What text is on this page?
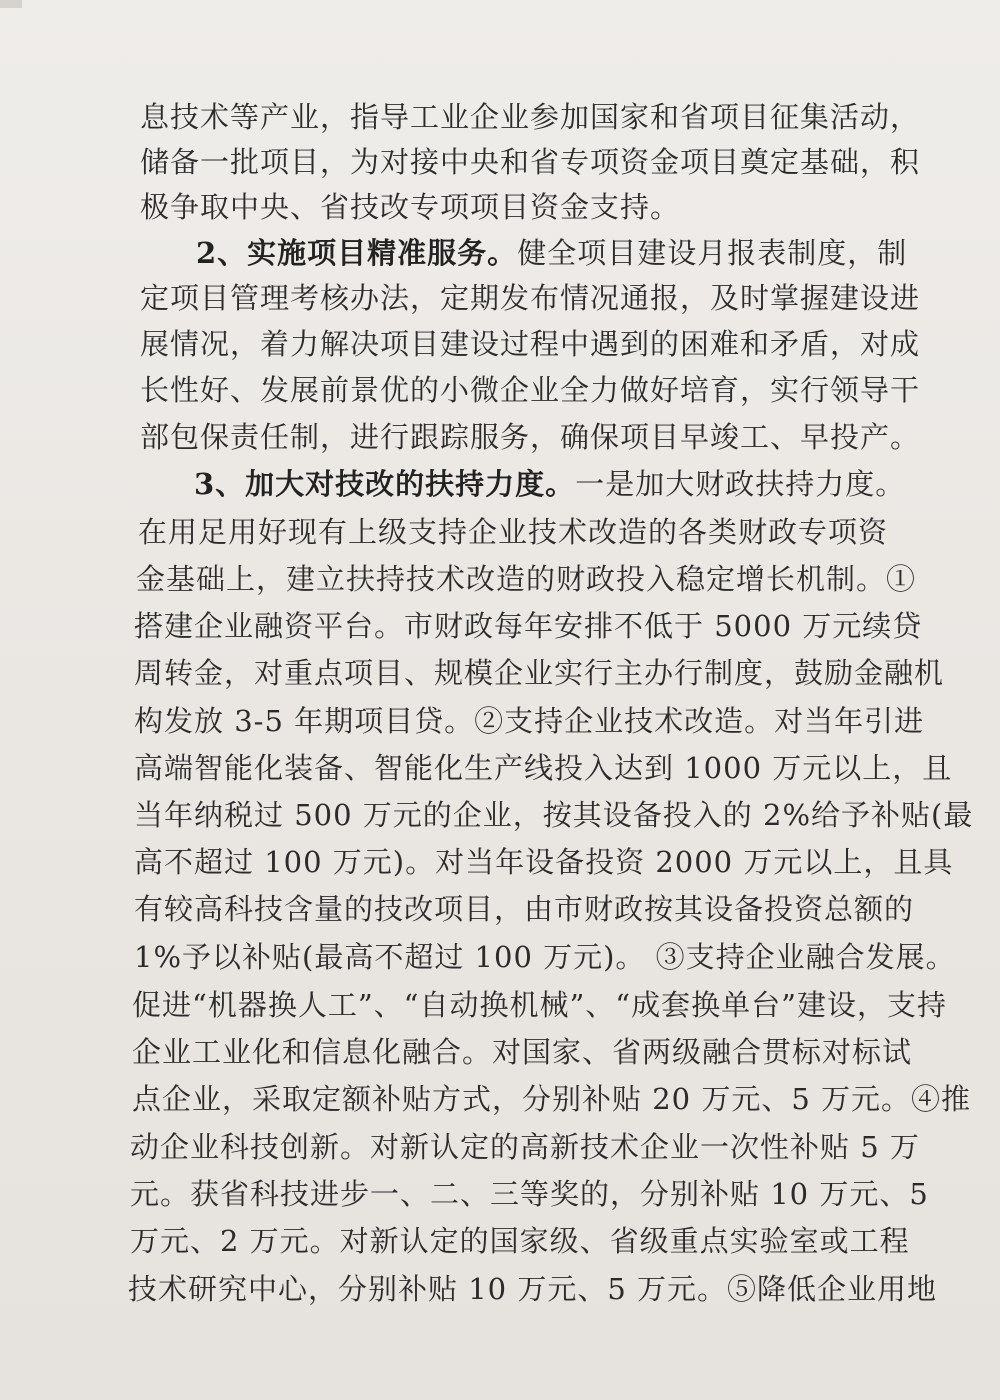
息技术等产业，指导工业企业参加国家和省项目征集活动，
储备一批项目，为对接中央和省专项资金项目奠定基础，积
极争取中央、省技改专项项目资金支持。
2、实施项目精准服务。健全项目建设月报表制度，制
定项目管理考核办法，定期发布情况通报，及时掌握建设进
展情况，着力解决项目建设过程中遇到的困难和矛盾，对成
长性好、发展前景优的小微企业全力做好培育，实行领导干
部包保责任制，进行跟踪服务，确保项目早竣工、早投产。
3、加大对技改的扶持力度。一是加大财政扶持力度。
在用足用好现有上级支持企业技术改造的各类财政专项资
金基础上，建立扶持技术改造的财政投入稳定增长机制。①
搭建企业融资平台。市财政每年安排不低于 5000 万元续贷
周转金，对重点项目、规模企业实行主办行制度，鼓励金融机
构发放 3-5 年期项目贷。②支持企业技术改造。对当年引进
高端智能化装备、智能化生产线投入达到 1000 万元以上，且
当年纳税过 500 万元的企业，按其设备投入的 2%给予补贴(最
高不超过 100 万元)。对当年设备投资 2000 万元以上，且具
有较高科技含量的技改项目，由市财政按其设备投资总额的
1%予以补贴(最高不超过 100 万元)。 ③支持企业融合发展。
促进“机器换人工”、“自动换机械”、“成套换单台”建设，支持
企业工业化和信息化融合。对国家、省两级融合贯标对标试
点企业，采取定额补贴方式，分别补贴 20 万元、5 万元。④推
动企业科技创新。对新认定的高新技术企业一次性补贴 5 万
元。获省科技进步一、二、三等奖的，分别补贴 10 万元、5
万元、2 万元。对新认定的国家级、省级重点实验室或工程
技术研究中心，分别补贴 10 万元、5 万元。⑤降低企业用地
